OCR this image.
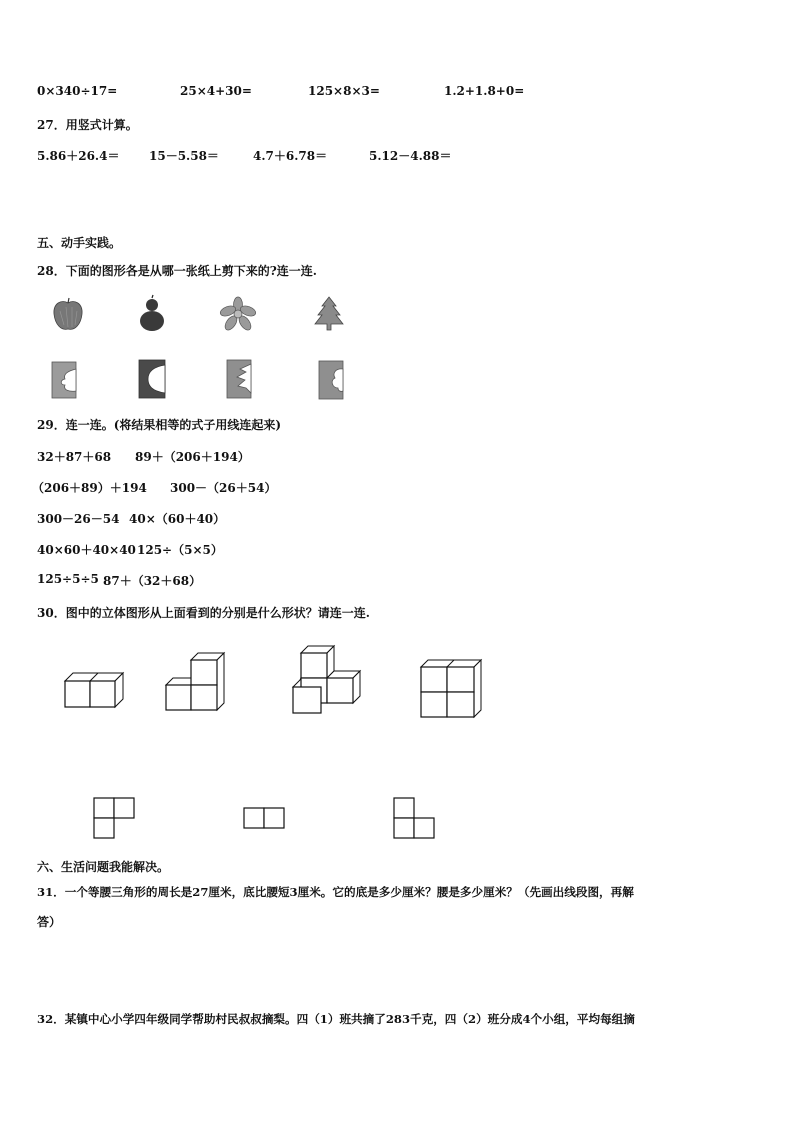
0×340÷17=	25×4+30=	125×8×3=	1.2+1.8+0=
27．用竖式计算。
5.86＋26.4＝ 15－5.58＝	4.7＋6.78＝	5.12－4.88＝
五、动手实践。
28．下面的图形各是从哪一张纸上剪下来的?连一连.
29．连一连。(将结果相等的式子用线连起来)
32＋87＋68 89＋（206＋194）
（206＋89）＋194 300－（26＋54）
300－26－54 40×（60＋40）
40×60＋40×40 125÷（5×5）
125÷5÷5 87＋（32＋68）
30．图中的立体图形从上面看到的分别是什么形状？请连一连.
六、生活问题我能解决。
31．一个等腰三角形的周长是27厘米，底比腰短3厘米。它的底是多少厘米？腰是多少厘米？（先画出线段图，再解
答）
32．某镇中心小学四年级同学帮助村民叔叔摘梨。四（1）班共摘了283千克，四（2）班分成4个小组，平均每组摘
